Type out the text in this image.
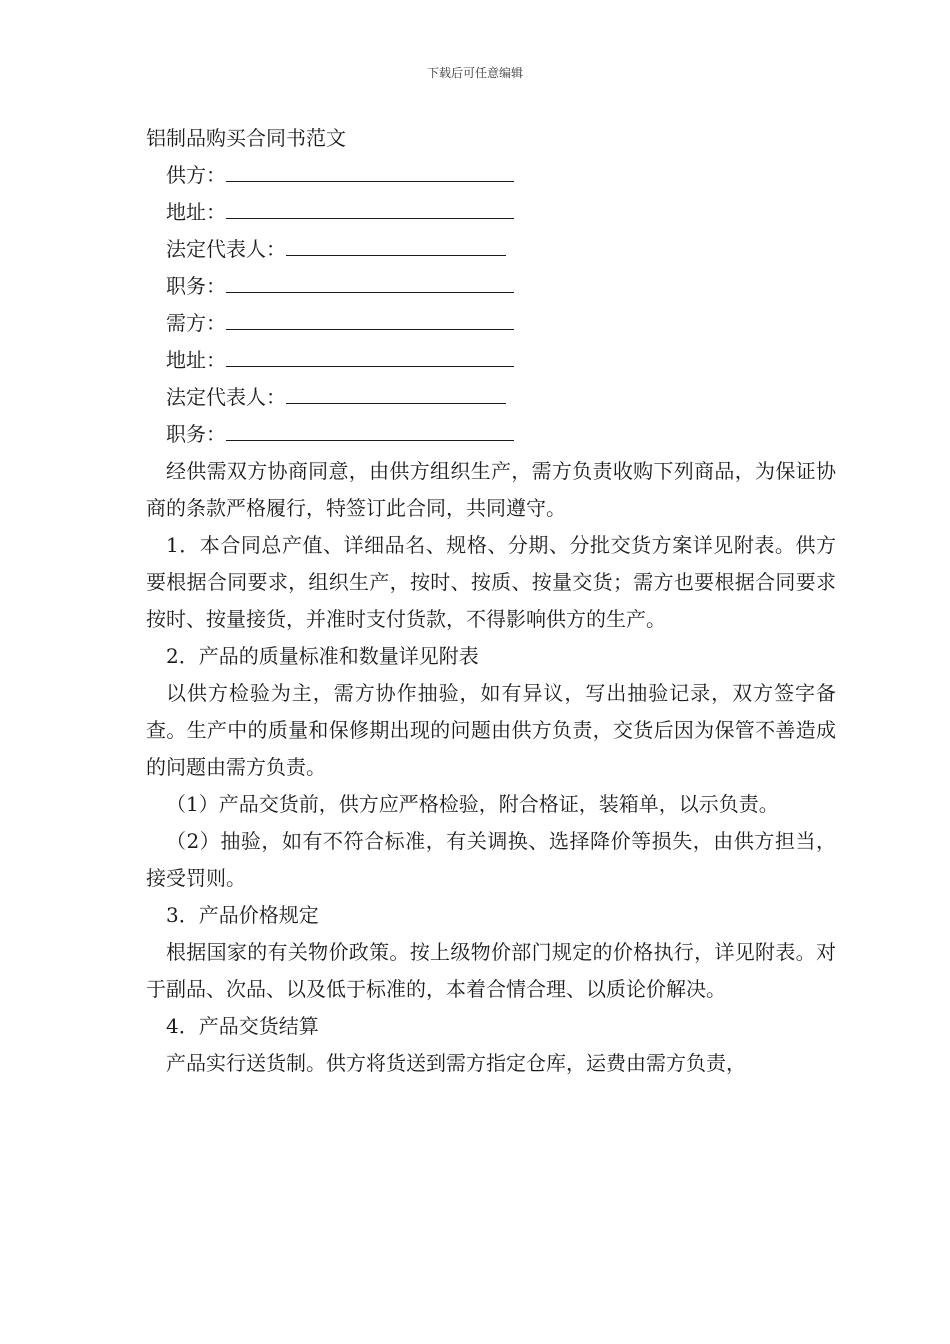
下载后可任意编辑
铝制品购买合同书范文
供方：
地址：
法定代表人：
职务：
需方：
地址：
法定代表人：
职务：

经供需双方协商同意，由供方组织生产，需方负责收购下列商品，为保证协商的条款严格履行，特签订此合同，共同遵守。

1．本合同总产值、详细品名、规格、分期、分批交货方案详见附表。供方要根据合同要求，组织生产，按时、按质、按量交货；需方也要根据合同要求按时、按量接货，并准时支付货款，不得影响供方的生产。

2．产品的质量标准和数量详见附表

以供方检验为主，需方协作抽验，如有异议，写出抽验记录，双方签字备查。生产中的质量和保修期出现的问题由供方负责，交货后因为保管不善造成的问题由需方负责。

（1）产品交货前，供方应严格检验，附合格证，装箱单，以示负责。

（2）抽验，如有不符合标准，有关调换、选择降价等损失，由供方担当，接受罚则。

3．产品价格规定

根据国家的有关物价政策。按上级物价部门规定的价格执行，详见附表。对于副品、次品、以及低于标准的，本着合情合理、以质论价解决。

4．产品交货结算

产品实行送货制。供方将货送到需方指定仓库，运费由需方负责，
